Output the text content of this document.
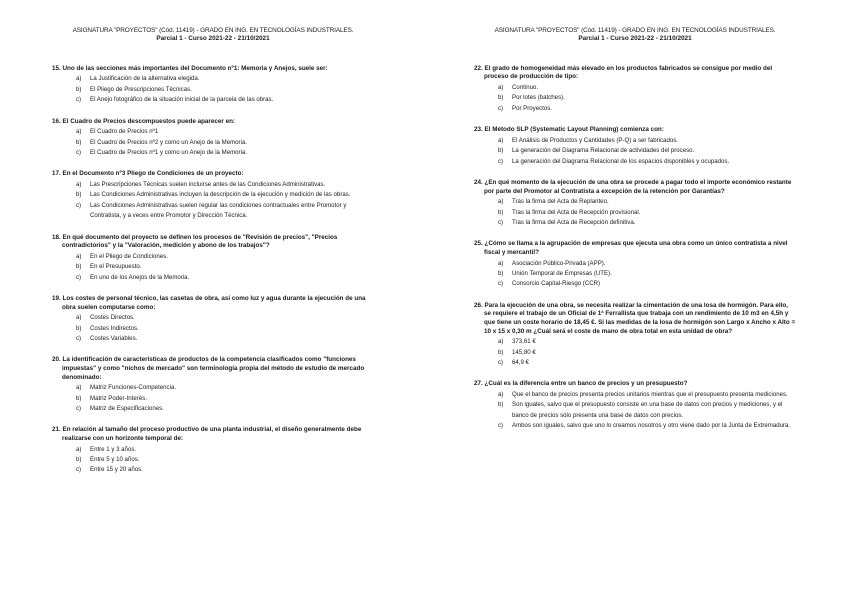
ASIGNATURA "PROYECTOS" (Cód. 11419) - GRADO EN ING. EN TECNOLOGÍAS INDUSTRIALES.
Parcial 1 - Curso 2021-22 - 21/10/2021
15. Uno de las secciones más importantes del Documento nº1: Memoria y Anejos, suele ser:
a) La Justificación de la alternativa elegida.
b) El Pliego de Prescripciones Técnicas.
c) El Anejo fotográfico de la situación inicial de la parcela de las obras.
16. El Cuadro de Precios descompuestos puede aparecer en:
a) El Cuadro de Precios nº1
b) El Cuadro de Precios nº2 y como un Anejo de la Memoria.
c) El Cuadro de Precios nº1 y como un Anejo de la Memoria.
17. En el Documento nº3 Pliego de Condiciones de un proyecto:
a) Las Prescripciones Técnicas suelen incluirse antes de las Condiciones Administrativas.
b) Las Condiciones Administrativas incluyen la descripción de la ejecución y medición de las obras.
c) Las Condiciones Administrativas suelen regular las condiciones contractuales entre Promotor y Contratista, y a veces entre Promotor y Dirección Técnica.
18. En qué documento del proyecto se definen los procesos de "Revisión de precios", "Precios contradictorios" y la "Valoración, medición y abono de los trabajos"?
a) En el Pliego de Condiciones.
b) En el Presupuesto.
c) En uno de los Anejos de la Memoria.
19. Los costes de personal técnico, las casetas de obra, así como luz y agua durante la ejecución de una obra suelen computarse como:
a) Costes Directos.
b) Costes Indirectos.
c) Costes Variables.
20. La identificación de características de productos de la competencia clasificados como "funciones impuestas" y como "nichos de mercado" son terminología propia del método de estudio de mercado denominado:
a) Matriz Funciones-Competencia.
b) Matriz Poder-Interés.
c) Matriz de Especificaciones.
21. En relación al tamaño del proceso productivo de una planta industrial, el diseño generalmente debe realizarse con un horizonte temporal de:
a) Entre 1 y 3 años.
b) Entre 5 y 10 años.
c) Entre 15 y 20 años.
ASIGNATURA "PROYECTOS" (Cód. 11419) - GRADO EN ING. EN TECNOLOGÍAS INDUSTRIALES.
Parcial 1 - Curso 2021-22 - 21/10/2021
22. El grado de homogeneidad más elevado en los productos fabricados se consigue por medio del proceso de producción de tipo:
a) Continuo.
b) Por lotes (batches).
c) Por Proyectos.
23. El Método SLP (Systematic Layout Planning) comienza con:
a) El Análisis de Productos y Cantidades (P-Q) a ser fabricados.
b) La generación del Diagrama Relacional de actividades del proceso.
c) La generación del Diagrama Relacional de los espacios disponibles y ocupados.
24. ¿En qué momento de la ejecución de una obra se procede a pagar todo el importe económico restante por parte del Promotor al Contratista a excepción de la retención por Garantías?
a) Tras la firma del Acta de Replanteo.
b) Tras la firma del Acta de Recepción provisional.
c) Tras la firma del Acta de Recepción definitiva.
25. ¿Cómo se llama a la agrupación de empresas que ejecuta una obra como un único contratista a nivel fiscal y mercantil?
a) Asociación Público-Privada (APP).
b) Unión Temporal de Empresas (UTE).
c) Consorcio Capital-Riesgo (CCR)
26. Para la ejecución de una obra, se necesita realizar la cimentación de una losa de hormigón. Para ello, se requiere el trabajo de un Oficial de 1ª Ferrallista que trabaja con un rendimiento de 10 m3 en 4,5h y que tiene un coste horario de 18,45 €. Si las medidas de la losa de hormigón son Largo x Ancho x Alto = 10 x 15 x 0,30 m ¿Cuál será el coste de mano de obra total en esta unidad de obra?
a) 373,61 €
b) 145,80 €
c) 64,9 €
27. ¿Cuál es la diferencia entre un banco de precios y un presupuesto?
a) Que el banco de precios presenta precios unitarios mientras que el presupuesto presenta mediciones.
b) Son iguales, salvo que el presupuesto consiste en una base de datos con precios y mediciones, y el banco de precios sólo presenta una base de datos con precios.
c) Ambos son iguales, salvo que uno lo creamos nosotros y otro viene dado por la Junta de Extremadura.
